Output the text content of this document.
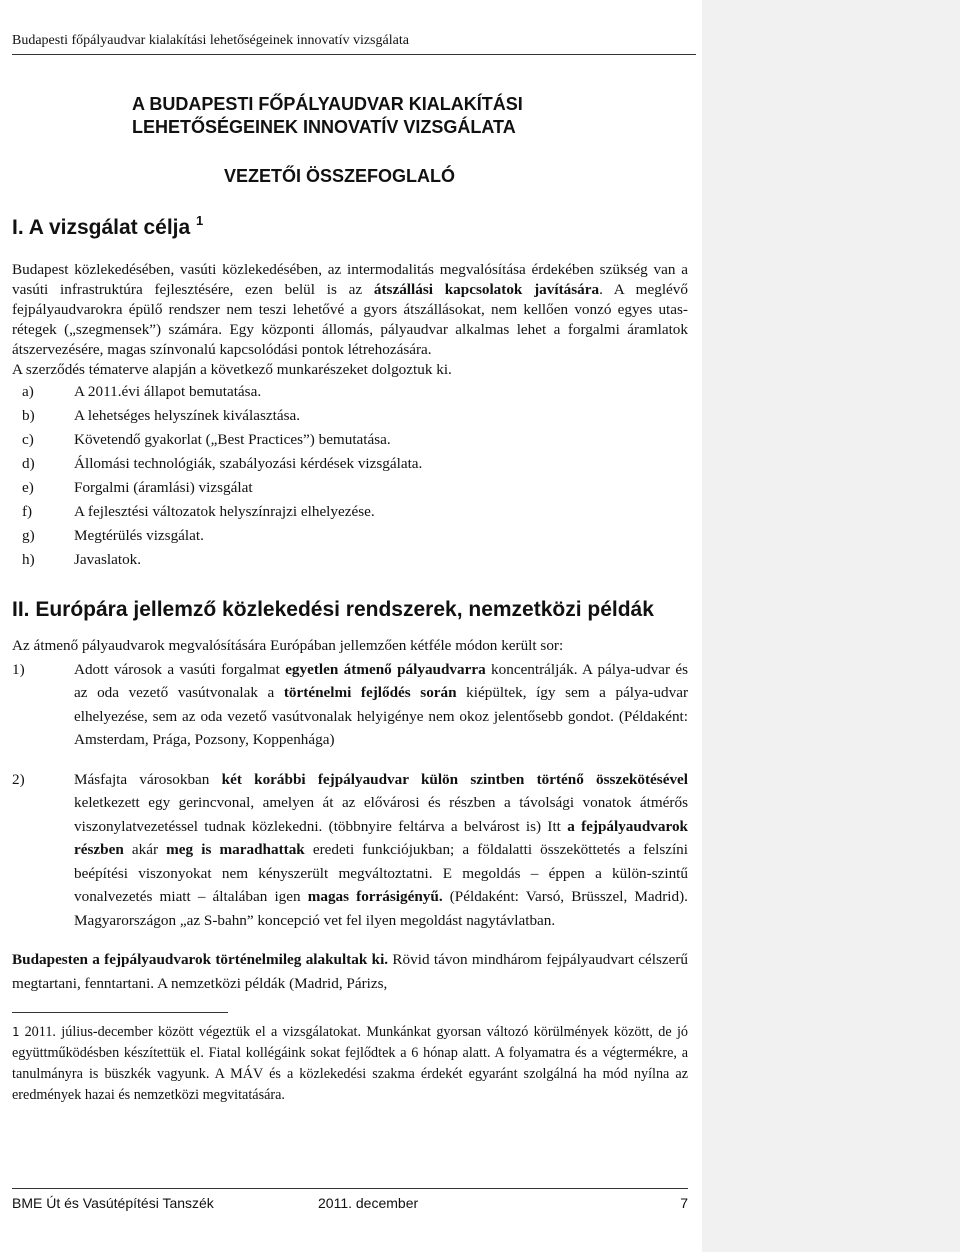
Budapesti főpályaudvar kialakítási lehetőségeinek innovatív vizsgálata
A BUDAPESTI FŐPÁLYAUDVAR KIALAKÍTÁSI
LEHETŐSÉGEINEK INNOVATÍV VIZSGÁLATA
VEZETŐI ÖSSZEFOGLALÓ
I. A vizsgálat célja $^1$

Budapest közlekedésében, vasúti közlekedésében, az intermodalitás megvalósítása érdekében szükség van a vasúti infrastruktúra fejlesztésére, ezen belül is az átszállási kapcsolatok javítására. A meglévő fejpályaudvarokra épülő rendszer nem teszi lehetővé a gyors átszállásokat, nem kellően vonzó egyes utas-rétegek („szegmensek”) számára. Egy központi állomás, pályaudvar alkalmas lehet a forgalmi áramlatok átszervezésére, magas színvonalú kapcsolódási pontok létrehozására.

A szerződés tématerve alapján a következő munkarészeket dolgoztuk ki.

a)	A 2011.évi állapot bemutatása.
b)	A lehetséges helyszínek kiválasztása.
c)	Követendő gyakorlat („Best Practices”) bemutatása.
d)	Állomási technológiák, szabályozási kérdések vizsgálata.
e)	Forgalmi (áramlási) vizsgálat
f)	A fejlesztési változatok helyszínrajzi elhelyezése.
g)	Megtérülés vizsgálat.
h)	Javaslatok.
II. Európára jellemző közlekedési rendszerek, nemzetközi példák

Az átmenő pályaudvarok megvalósítására Európában jellemzően kétféle módon került sor:

1)	Adott városok a vasúti forgalmat egyetlen átmenő pályaudvarra koncentrálják. A pálya-udvar és az oda vezető vasútvonalak a történelmi fejlődés során kiépültek, így sem a pálya-udvar elhelyezése, sem az oda vezető vasútvonalak helyigénye nem okoz jelentősebb gondot. (Példaként: Amsterdam, Prága, Pozsony, Koppenhága)
2)	Másfajta városokban két korábbi fejpályaudvar külön szintben történő összekötésével keletkezett egy gerincvonal, amelyen át az elővárosi és részben a távolsági vonatok átmérős viszonylatvezetéssel tudnak közlekedni. (többnyire feltárva a belvárost is) Itt a fejpályaudvarok részben akár meg is maradhattak eredeti funkciójukban; a földalatti összeköttetés a felszíni beépítési viszonyokat nem kényszerült megváltoztatni. E megoldás – éppen a külön-szintű vonalvezetés miatt – általában igen magas forrásigényű. (Példaként: Varsó, Brüsszel, Madrid). Magyarországon „az S-bahn” koncepció vet fel ilyen megoldást nagytávlatban.

Budapesten a fejpályaudvarok történelmileg alakultak ki. Rövid távon mindhárom fejpályaudvart célszerű megtartani, fenntartani. A nemzetközi példák (Madrid, Párizs,

1 2011. július-december között végeztük el a vizsgálatokat. Munkánkat gyorsan változó körülmények között, de jó együttműködésben készítettük el. Fiatal kollégáink sokat fejlődtek a 6 hónap alatt. A folyamatra és a végtermékre, a tanulmányra is büszkék vagyunk. A MÁV és a közlekedési szakma érdekét egyaránt szolgálná ha mód nyílna az eredmények hazai és nemzetközi megvitatására.
BME Út és Vasútépítési Tanszék	2011. december	7
